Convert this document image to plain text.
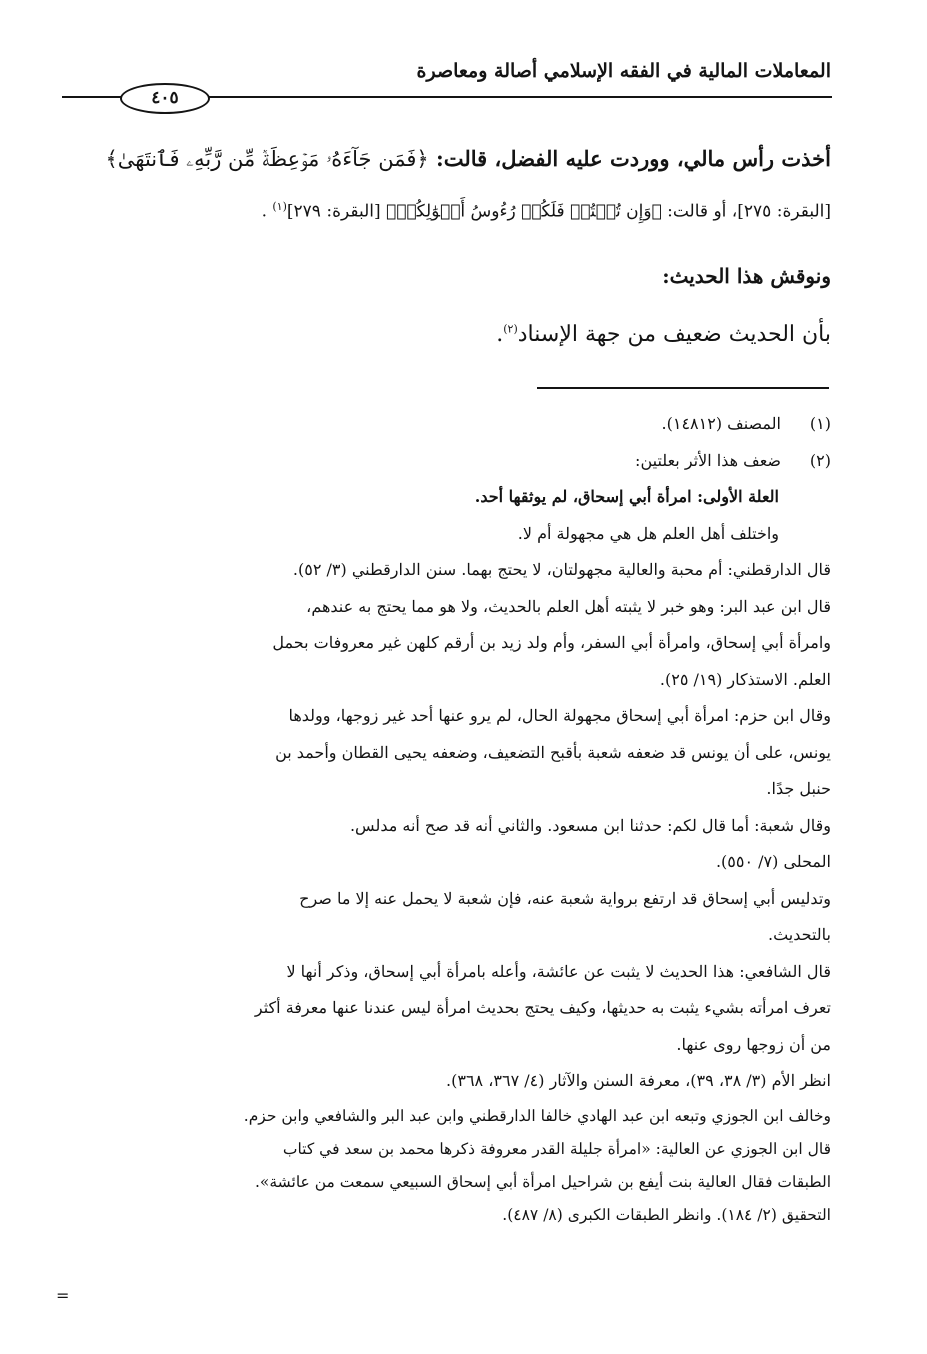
المعاملات المالية في الفقه الإسلامي أصالة ومعاصرة
٤٠٥
أخذت رأس مالي، ووردت عليه الفضل، قالت: ﴿فَمَن جَآءَهُۥ مَوۡعِظَةٞ مِّن رَّبِّهِۦ فَٱنتَهَىٰ﴾
[البقرة: ٢٧٥]، أو قالت: ﴿وَإِن تُبۡتُمۡ فَلَكُمۡ رُءُوسُ أَمۡوَٰلِكُمۡ﴾ [البقرة: ٢٧٩]$^{(١)}$ .
ونوقش هذا الحديث:
بأن الحديث ضعيف من جهة الإسناد$^{(٢)}$.
(١)المصنف (١٤٨١٢).
(٢)ضعف هذا الأثر بعلتين:
العلة الأولى: امرأة أبي إسحاق، لم يوثقها أحد.
واختلف أهل العلم هل هي مجهولة أم لا.
قال الدارقطني: أم محبة والعالية مجهولتان، لا يحتج بهما. سنن الدارقطني (٣/ ٥٢).
قال ابن عبد البر: وهو خبر لا يثبته أهل العلم بالحديث، ولا هو مما يحتج به عندهم،
وامرأة أبي إسحاق، وامرأة أبي السفر، وأم ولد زيد بن أرقم كلهن غير معروفات بحمل
العلم. الاستذكار (١٩/ ٢٥).
وقال ابن حزم: امرأة أبي إسحاق مجهولة الحال، لم يرو عنها أحد غير زوجها، وولدها
يونس، على أن يونس قد ضعفه شعبة بأقبح التضعيف، وضعفه يحيى القطان وأحمد بن
حنبل جدًا.
وقال شعبة: أما قال لكم: حدثنا ابن مسعود. والثاني أنه قد صح أنه مدلس.
المحلى (٧/ ٥٥٠).
وتدليس أبي إسحاق قد ارتفع برواية شعبة عنه، فإن شعبة لا يحمل عنه إلا ما صرح
بالتحديث.
قال الشافعي: هذا الحديث لا يثبت عن عائشة، وأعله بامرأة أبي إسحاق، وذكر أنها لا
تعرف امرأته بشيء يثبت به حديثها، وكيف يحتج بحديث امرأة ليس عندنا عنها معرفة أكثر
من أن زوجها روى عنها.
انظر الأم (٣/ ٣٨، ٣٩)، معرفة السنن والآثار (٤/ ٣٦٧، ٣٦٨).
وخالف ابن الجوزي وتبعه ابن عبد الهادي خالفا الدارقطني وابن عبد البر والشافعي وابن حزم.
قال ابن الجوزي عن العالية: «امرأة جليلة القدر معروفة ذكرها محمد بن سعد في كتاب
الطبقات فقال العالية بنت أيفع بن شراحيل امرأة أبي إسحاق السبيعي سمعت من عائشة».
التحقيق (٢/ ١٨٤). وانظر الطبقات الكبرى (٨/ ٤٨٧).
=
